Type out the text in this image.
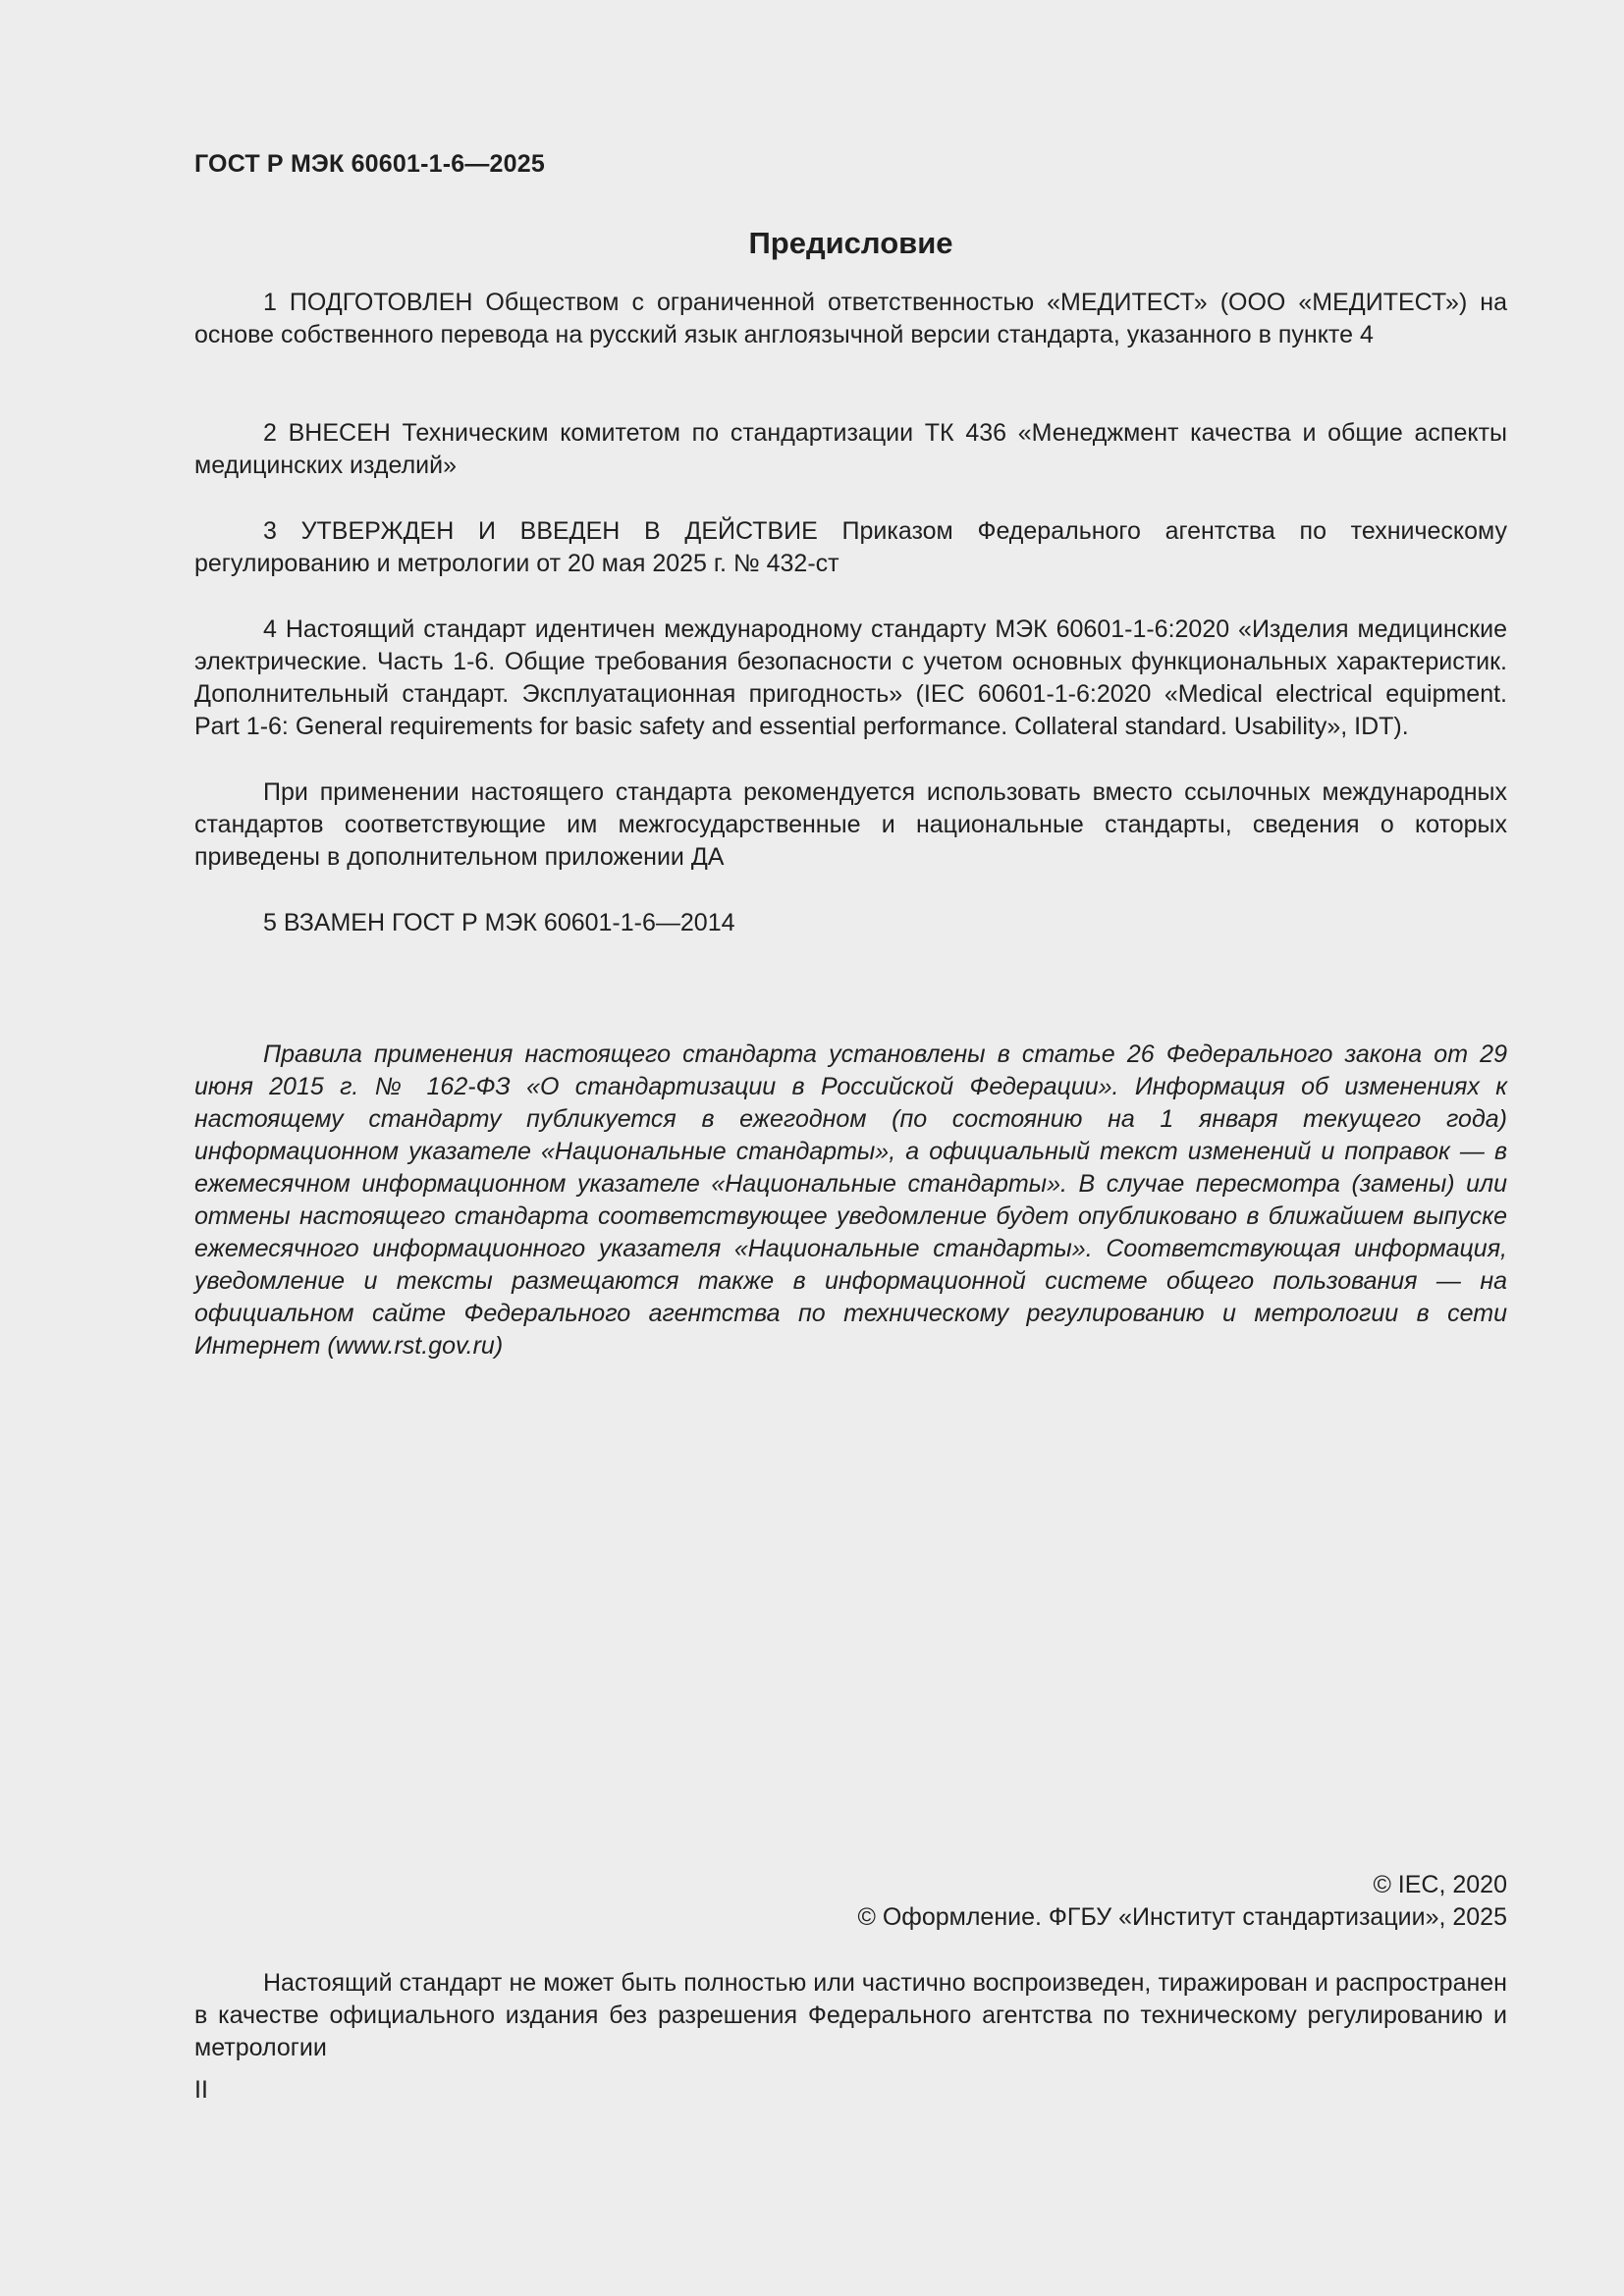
ГОСТ Р МЭК 60601-1-6—2025
Предисловие

1 ПОДГОТОВЛЕН Обществом с ограниченной ответственностью «МЕДИТЕСТ» (ООО «МЕДИТЕСТ») на основе собственного перевода на русский язык англоязычной версии стандарта, указанного в пункте 4

2 ВНЕСЕН Техническим комитетом по стандартизации ТК 436 «Менеджмент качества и общие аспекты медицинских изделий»

3 УТВЕРЖДЕН И ВВЕДЕН В ДЕЙСТВИЕ Приказом Федерального агентства по техническому регулированию и метрологии от 20 мая 2025 г. № 432-ст

4 Настоящий стандарт идентичен международному стандарту МЭК 60601-1-6:2020 «Изделия медицинские электрические. Часть 1-6. Общие требования безопасности с учетом основных функциональных характеристик. Дополнительный стандарт. Эксплуатационная пригодность» (IEC 60601-1-6:2020 «Medical electrical equipment. Part 1-6: General requirements for basic safety and essential performance. Collateral standard. Usability», IDT).

При применении настоящего стандарта рекомендуется использовать вместо ссылочных международных стандартов соответствующие им межгосударственные и национальные стандарты, сведения о которых приведены в дополнительном приложении ДА

5 ВЗАМЕН ГОСТ Р МЭК 60601-1-6—2014

Правила применения настоящего стандарта установлены в статье 26 Федерального закона от 29 июня 2015 г. № 162-ФЗ «О стандартизации в Российской Федерации». Информация об изменениях к настоящему стандарту публикуется в ежегодном (по состоянию на 1 января текущего года) информационном указателе «Национальные стандарты», а официальный текст изменений и поправок — в ежемесячном информационном указателе «Национальные стандарты». В случае пересмотра (замены) или отмены настоящего стандарта соответствующее уведомление будет опубликовано в ближайшем выпуске ежемесячного информационного указателя «Национальные стандарты». Соответствующая информация, уведомление и тексты размещаются также в информационной системе общего пользования — на официальном сайте Федерального агентства по техническому регулированию и метрологии в сети Интернет (www.rst.gov.ru)

© IEC, 2020
© Оформление. ФГБУ «Институт стандартизации», 2025

Настоящий стандарт не может быть полностью или частично воспроизведен, тиражирован и распространен в качестве официального издания без разрешения Федерального агентства по техническому регулированию и метрологии

II
